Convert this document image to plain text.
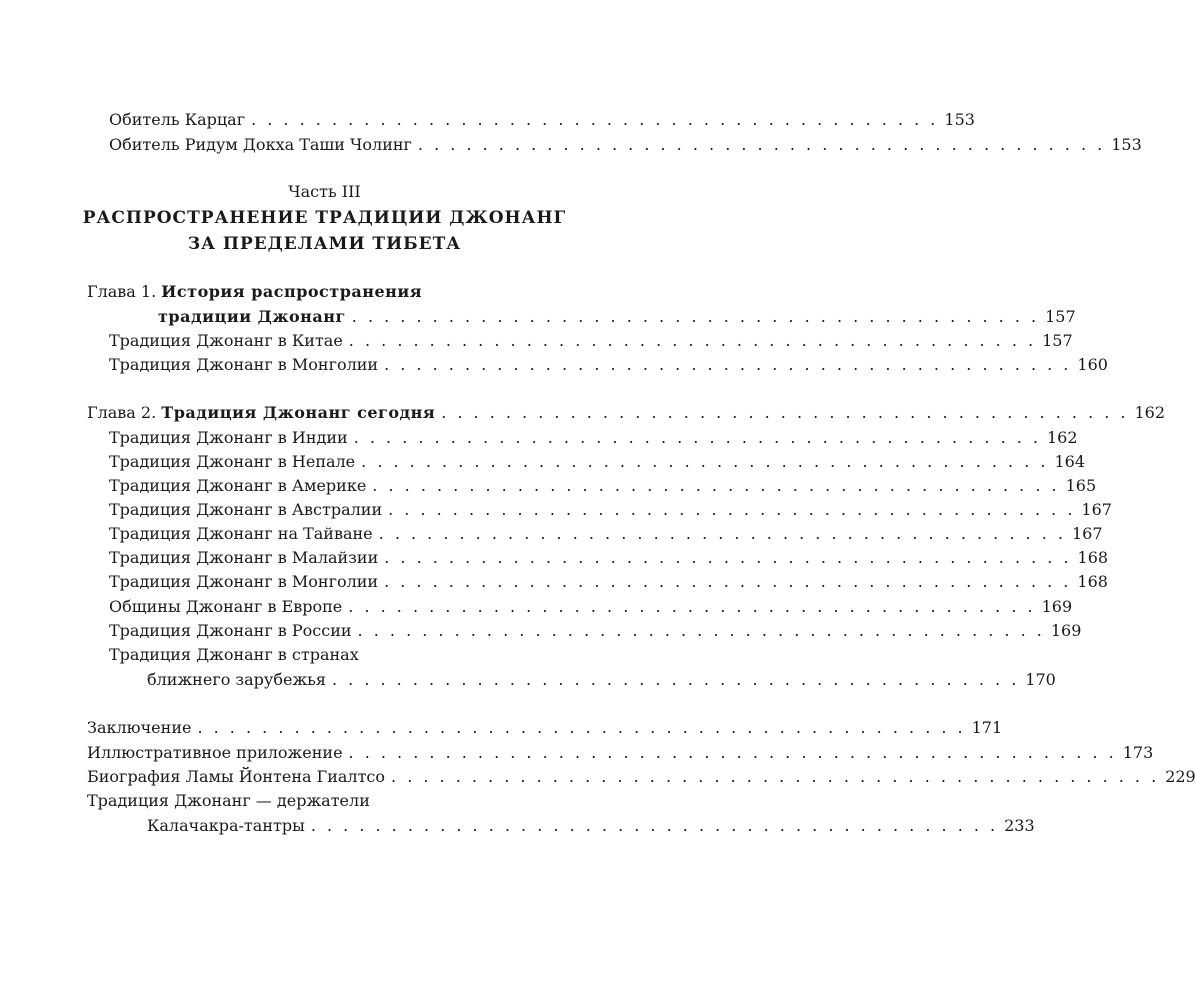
Обитель Карцаг . . . . . . . . . . . . . . . . . . . . . . . . . . . . . . . . . . . . . . . . . . . 153
Обитель Ридум Докха Таши Чолинг . . . . . . . . . . . . . . . . . . . . . . . . . . . . . . . . . . . . . . . . . . . 153
Часть III
РАСПРОСТРАНЕНИЕ ТРАДИЦИИ ДЖОНАНГ
ЗА ПРЕДЕЛАМИ ТИБЕТА
Глава 1. История распространения
традиции Джонанг . . . . . . . . . . . . . . . . . . . . . . . . . . . . . . . . . . . . . . . . . . . 157
Традиция Джонанг в Китае . . . . . . . . . . . . . . . . . . . . . . . . . . . . . . . . . . . . . . . . . . . 157
Традиция Джонанг в Монголии . . . . . . . . . . . . . . . . . . . . . . . . . . . . . . . . . . . . . . . . . . . 160
Глава 2. Традиция Джонанг сегодня . . . . . . . . . . . . . . . . . . . . . . . . . . . . . . . . . . . . . . . . . . . 162
Традиция Джонанг в Индии . . . . . . . . . . . . . . . . . . . . . . . . . . . . . . . . . . . . . . . . . . . 162
Традиция Джонанг в Непале . . . . . . . . . . . . . . . . . . . . . . . . . . . . . . . . . . . . . . . . . . . 164
Традиция Джонанг в Америке . . . . . . . . . . . . . . . . . . . . . . . . . . . . . . . . . . . . . . . . . . . 165
Традиция Джонанг в Австралии . . . . . . . . . . . . . . . . . . . . . . . . . . . . . . . . . . . . . . . . . . . 167
Традиция Джонанг на Тайване . . . . . . . . . . . . . . . . . . . . . . . . . . . . . . . . . . . . . . . . . . . 167
Традиция Джонанг в Малайзии . . . . . . . . . . . . . . . . . . . . . . . . . . . . . . . . . . . . . . . . . . . 168
Традиция Джонанг в Монголии . . . . . . . . . . . . . . . . . . . . . . . . . . . . . . . . . . . . . . . . . . . 168
Общины Джонанг в Европе . . . . . . . . . . . . . . . . . . . . . . . . . . . . . . . . . . . . . . . . . . . 169
Традиция Джонанг в России . . . . . . . . . . . . . . . . . . . . . . . . . . . . . . . . . . . . . . . . . . . 169
Традиция Джонанг в странах
ближнего зарубежья . . . . . . . . . . . . . . . . . . . . . . . . . . . . . . . . . . . . . . . . . . . 170
Заключение . . . . . . . . . . . . . . . . . . . . . . . . . . . . . . . . . . . . . . . . . . . . . . . . 171
Иллюстративное приложение . . . . . . . . . . . . . . . . . . . . . . . . . . . . . . . . . . . . . . . . . . . . . . . . 173
Биография Ламы Йонтена Гиалтсо . . . . . . . . . . . . . . . . . . . . . . . . . . . . . . . . . . . . . . . . . . . . . . . . 229
Традиция Джонанг — держатели
Калачакра-тантры . . . . . . . . . . . . . . . . . . . . . . . . . . . . . . . . . . . . . . . . . . . 233
